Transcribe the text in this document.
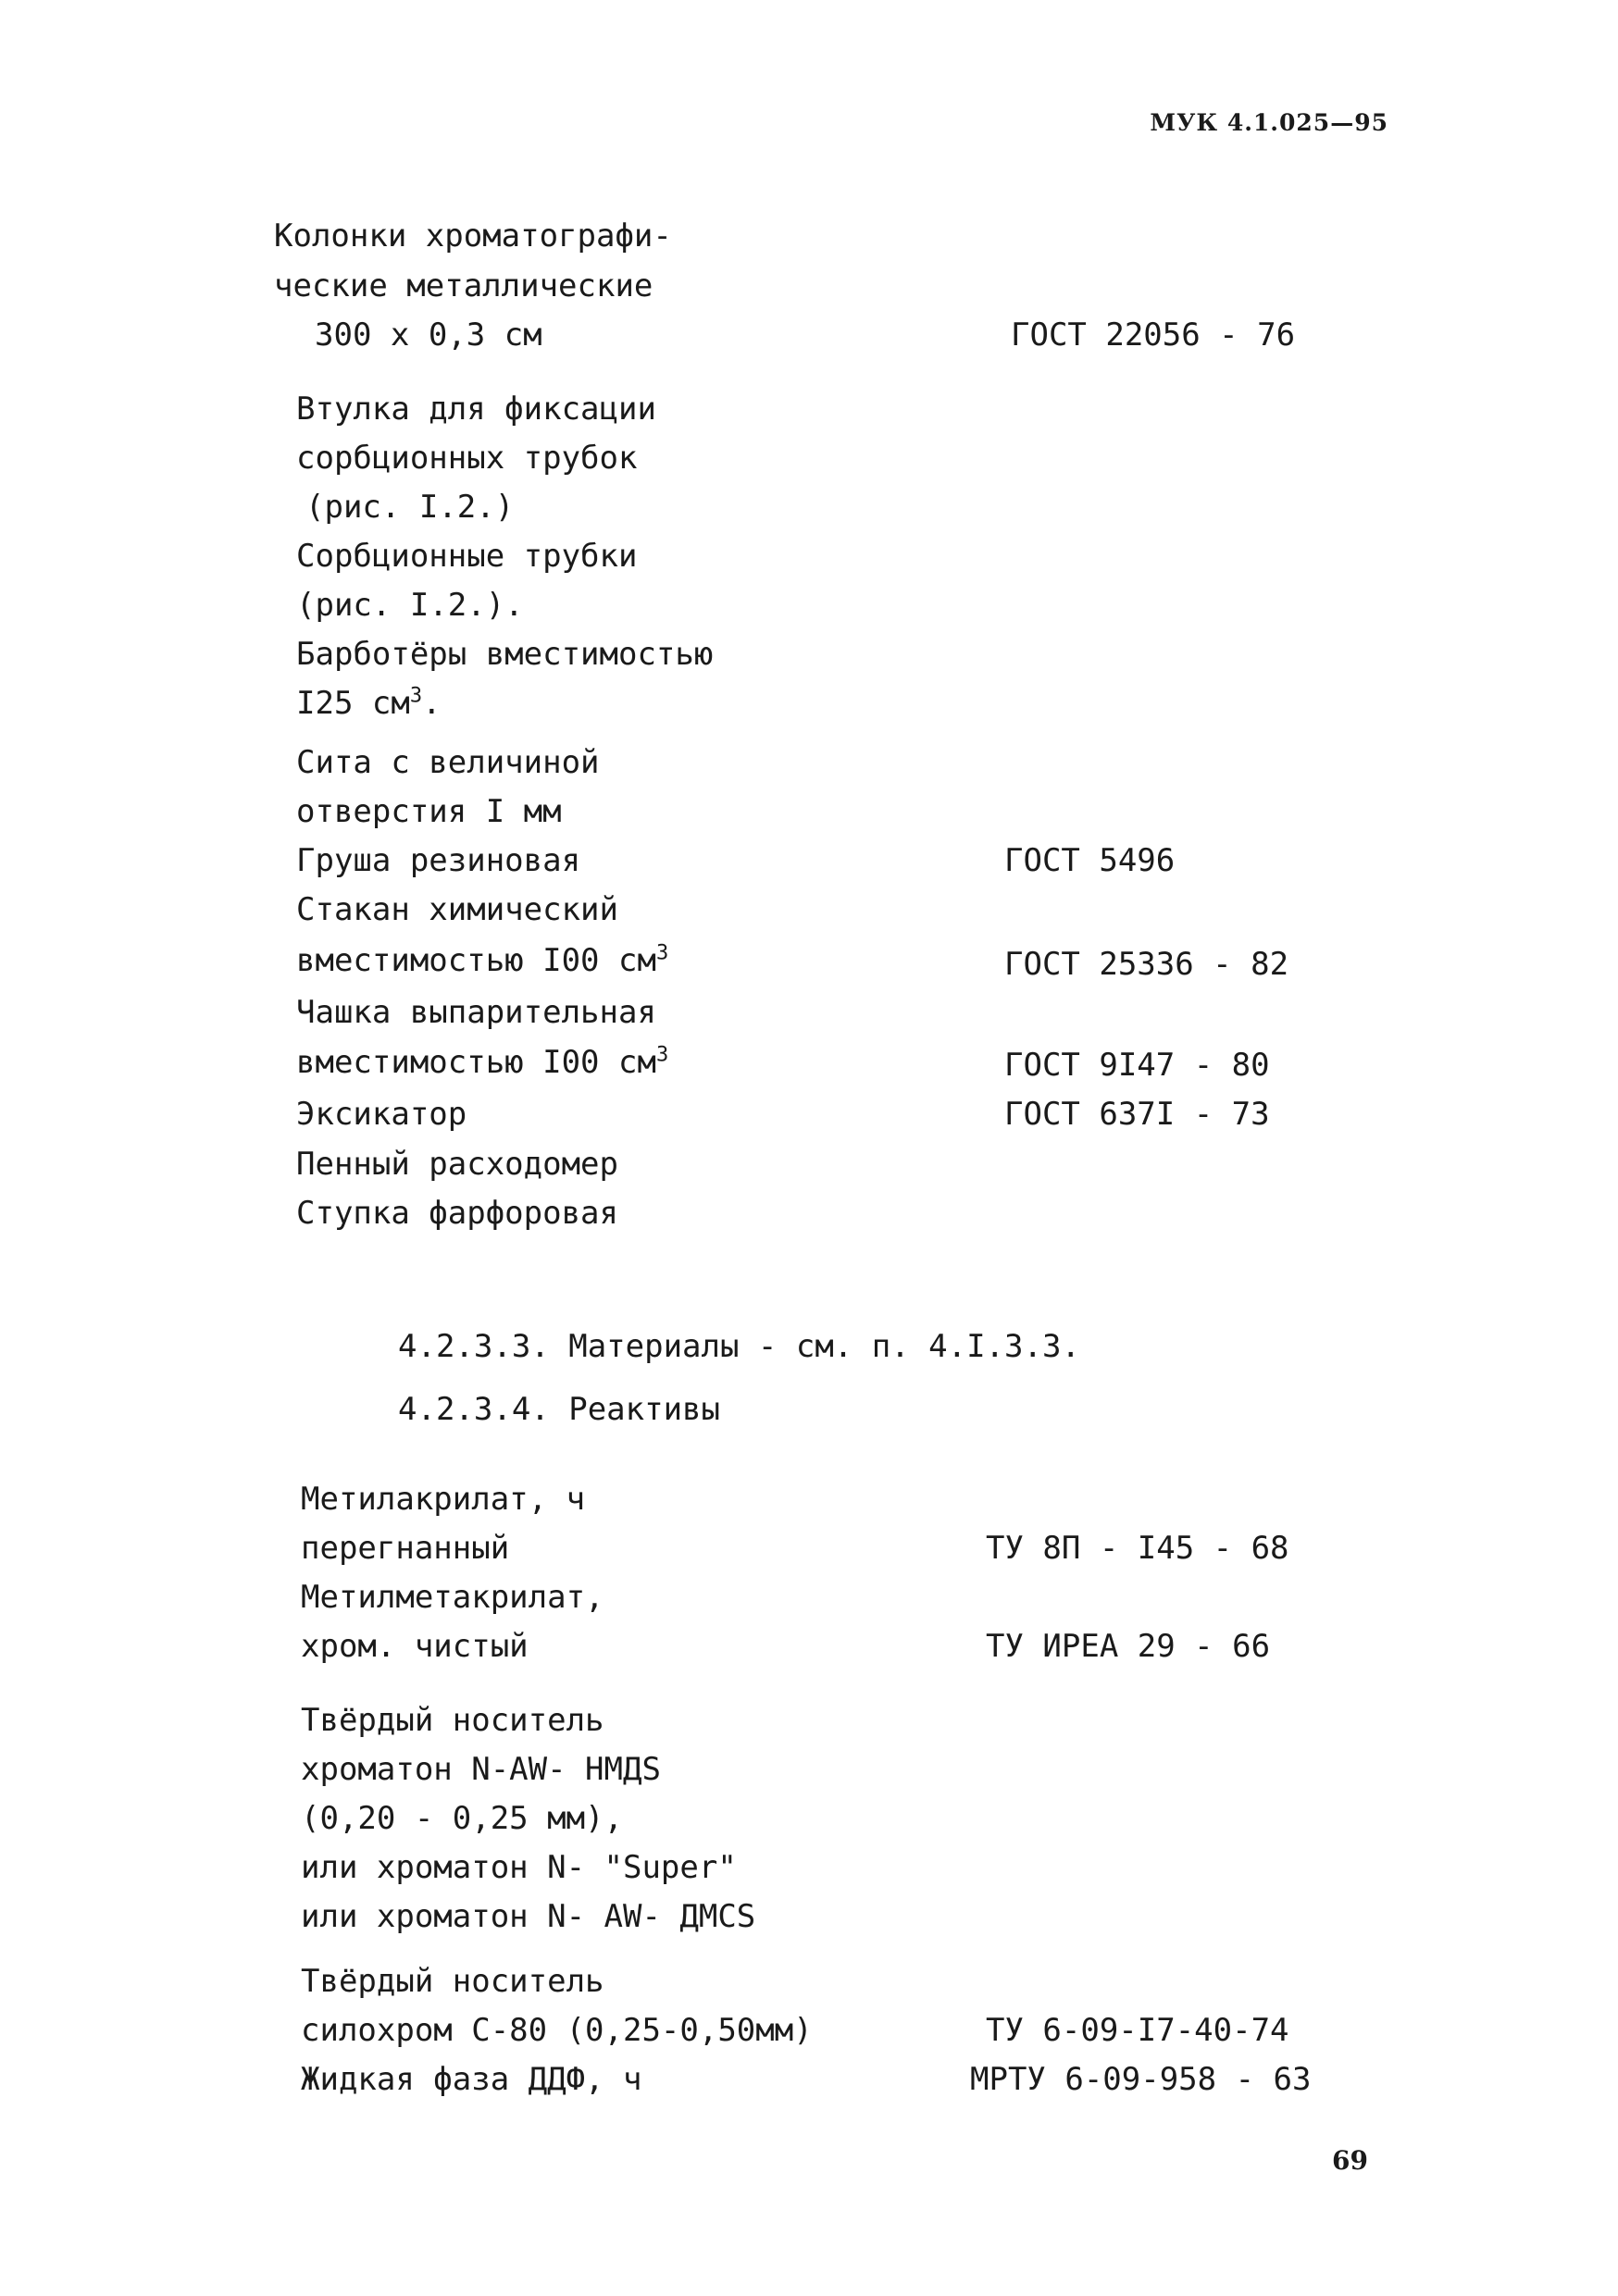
МУК 4.1.025—95
Колонки хроматографи-
ческие металлические
300 х 0,3 см	ГОСТ 22056 - 76
Втулка для фиксации
сорбционных трубок
(рис. I.2.)
Сорбционные трубки
(рис. I.2.).
Барботёры вместимостью
I25 $см^3$.
Сита с величиной
отверстия I мм
Груша резиновая	ГОСТ 5496
Стакан химический
вместимостью I00 $см^3$	ГОСТ 25336 - 82
Чашка выпарительная
вместимостью I00 $см^3$	ГОСТ 9I47 - 80
Эксикатор	ГОСТ 637I - 73
Пенный расходомер
Ступка фарфоровая
4.2.3.3. Материалы - см. п. 4.I.3.3.
4.2.3.4. Реактивы
Метилакрилат, ч
перегнанный	ТУ 8П - I45 - 68
Метилметакрилат,
хром. чистый	ТУ ИРЕА 29 - 66
Твёрдый носитель
хроматон N-AW- НМДS
(0,20 - 0,25 мм),
или хроматон N- "Super"
или хроматон N- AW- ДМСS
Твёрдый носитель
силохром С-80 (0,25-0,50мм)	ТУ 6-09-I7-40-74
Жидкая фаза ДДФ, ч	МРТУ 6-09-958 - 63
69
